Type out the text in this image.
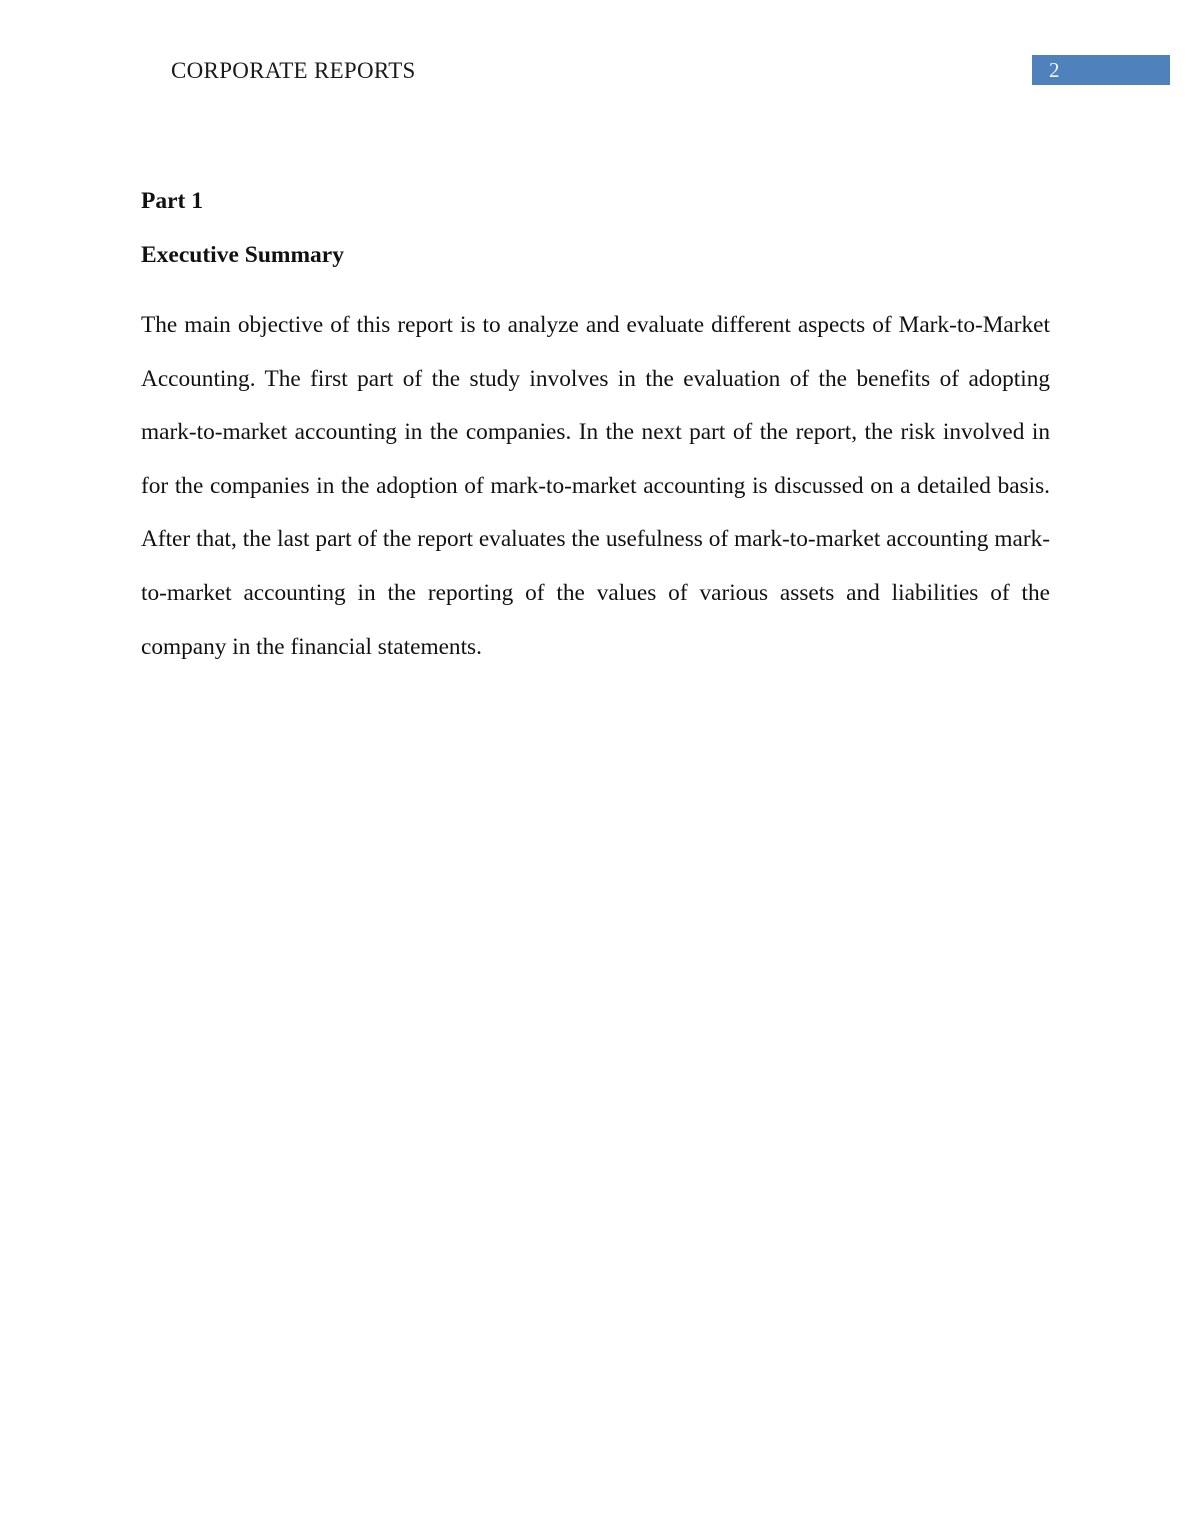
CORPORATE REPORTS	2
Part 1
Executive Summary
The main objective of this report is to analyze and evaluate different aspects of Mark-to-Market Accounting. The first part of the study involves in the evaluation of the benefits of adopting mark-to-market accounting in the companies. In the next part of the report, the risk involved in for the companies in the adoption of mark-to-market accounting is discussed on a detailed basis. After that, the last part of the report evaluates the usefulness of mark-to-market accounting mark-to-market accounting in the reporting of the values of various assets and liabilities of the company in the financial statements.
